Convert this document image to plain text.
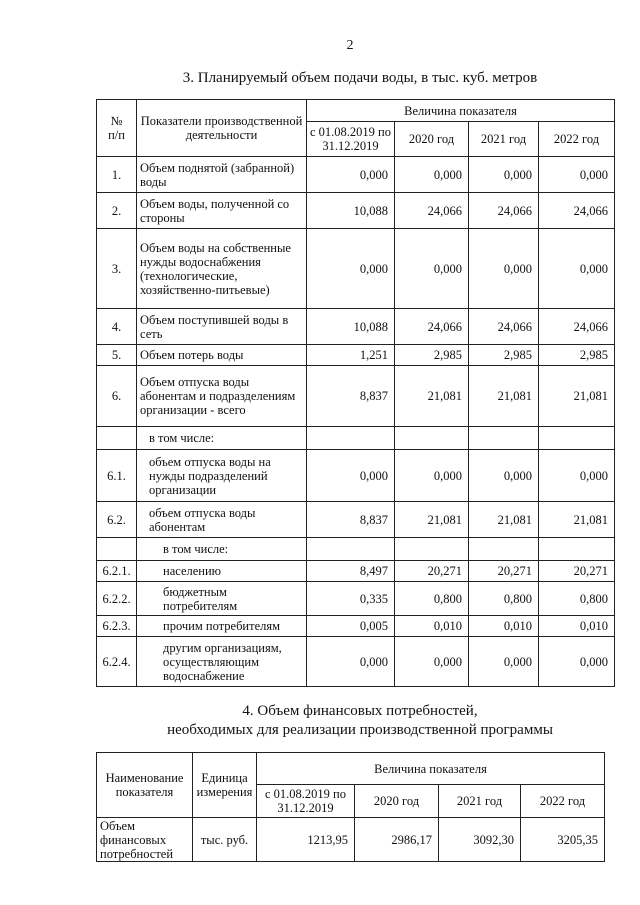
2
3. Планируемый объем подачи воды, в тыс. куб. метров
№
п/п	Показатели производственной деятельности	Величина показателя			
		с 01.08.2019 по 31.12.2019	2020 год	2021 год	2022 год
1.	Объем поднятой (забранной) воды	0,000	0,000	0,000	0,000
2.	Объем воды, полученной со стороны	10,088	24,066	24,066	24,066
3.	Объем воды на собственные нужды водоснабжения (технологические, хозяйственно-питьевые)	0,000	0,000	0,000	0,000
4.	Объем поступившей воды в сеть	10,088	24,066	24,066	24,066
5.	Объем потерь воды	1,251	2,985	2,985	2,985
6.	Объем отпуска воды абонентам и подразделениям организации - всего	8,837	21,081	21,081	21,081
	в том числе:				
6.1.	объем отпуска воды на нужды подразделений организации	0,000	0,000	0,000	0,000
6.2.	объем отпуска воды абонентам	8,837	21,081	21,081	21,081
	в том числе:				
6.2.1.	населению	8,497	20,271	20,271	20,271
6.2.2.	бюджетным потребителям	0,335	0,800	0,800	0,800
6.2.3.	прочим потребителям	0,005	0,010	0,010	0,010
6.2.4.	другим организациям, осуществляющим водоснабжение	0,000	0,000	0,000	0,000
4. Объем финансовых потребностей,
необходимых для реализации производственной программы
Наименование показателя	Единица измерения	Величина показателя			
		с 01.08.2019 по 31.12.2019	2020 год	2021 год	2022 год
Объем финансовых потребностей	тыс. руб.	1213,95	2986,17	3092,30	3205,35
